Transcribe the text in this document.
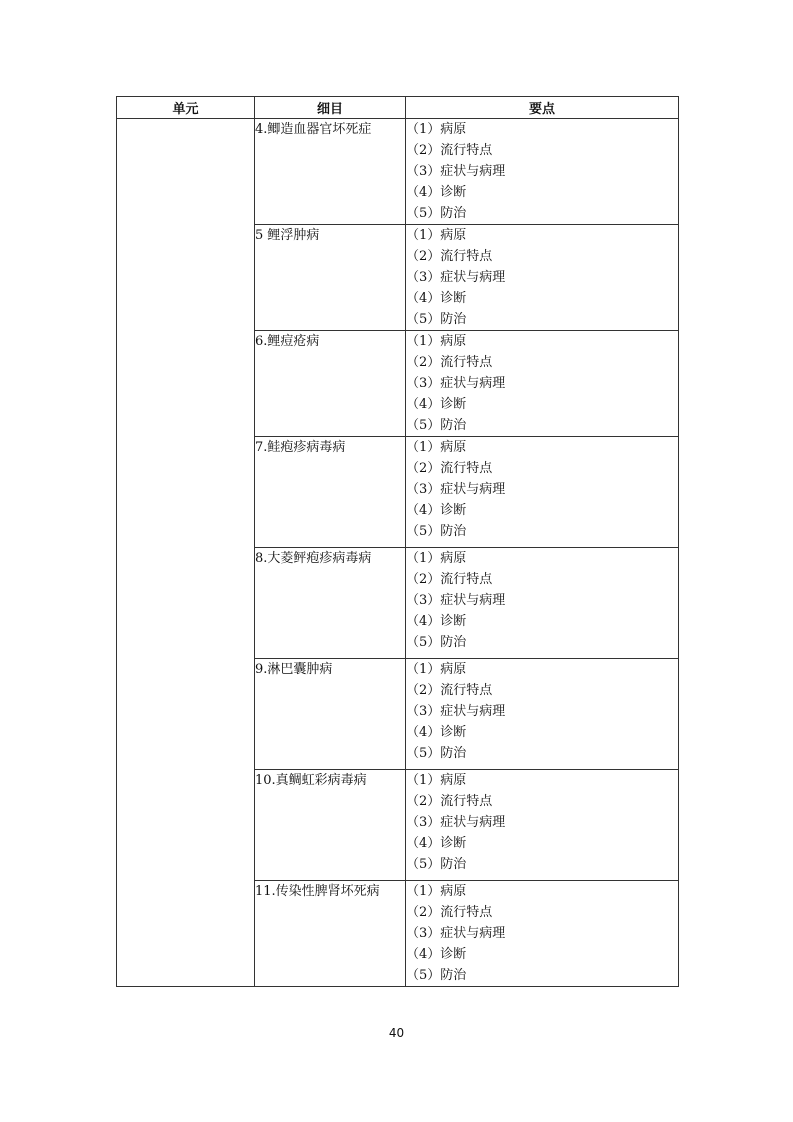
单元	细目	要点
	4.鲫造血器官坏死症	（1）病原
（2）流行特点
（3）症状与病理
（4）诊断
（5）防治

	5 鲤浮肿病	（1）病原
（2）流行特点
（3）症状与病理
（4）诊断
（5）防治

	6.鲤痘疮病	（1）病原
（2）流行特点
（3）症状与病理
（4）诊断
（5）防治

	7.鲑疱疹病毒病	（1）病原
（2）流行特点
（3）症状与病理
（4）诊断
（5）防治

	8.大菱鲆疱疹病毒病	（1）病原
（2）流行特点
（3）症状与病理
（4）诊断
（5）防治

	9.淋巴囊肿病	（1）病原
（2）流行特点
（3）症状与病理
（4）诊断
（5）防治

	10.真鲷虹彩病毒病	（1）病原
（2）流行特点
（3）症状与病理
（4）诊断
（5）防治

	11.传染性脾肾坏死病	（1）病原
（2）流行特点
（3）症状与病理
（4）诊断
（5）防治
40
